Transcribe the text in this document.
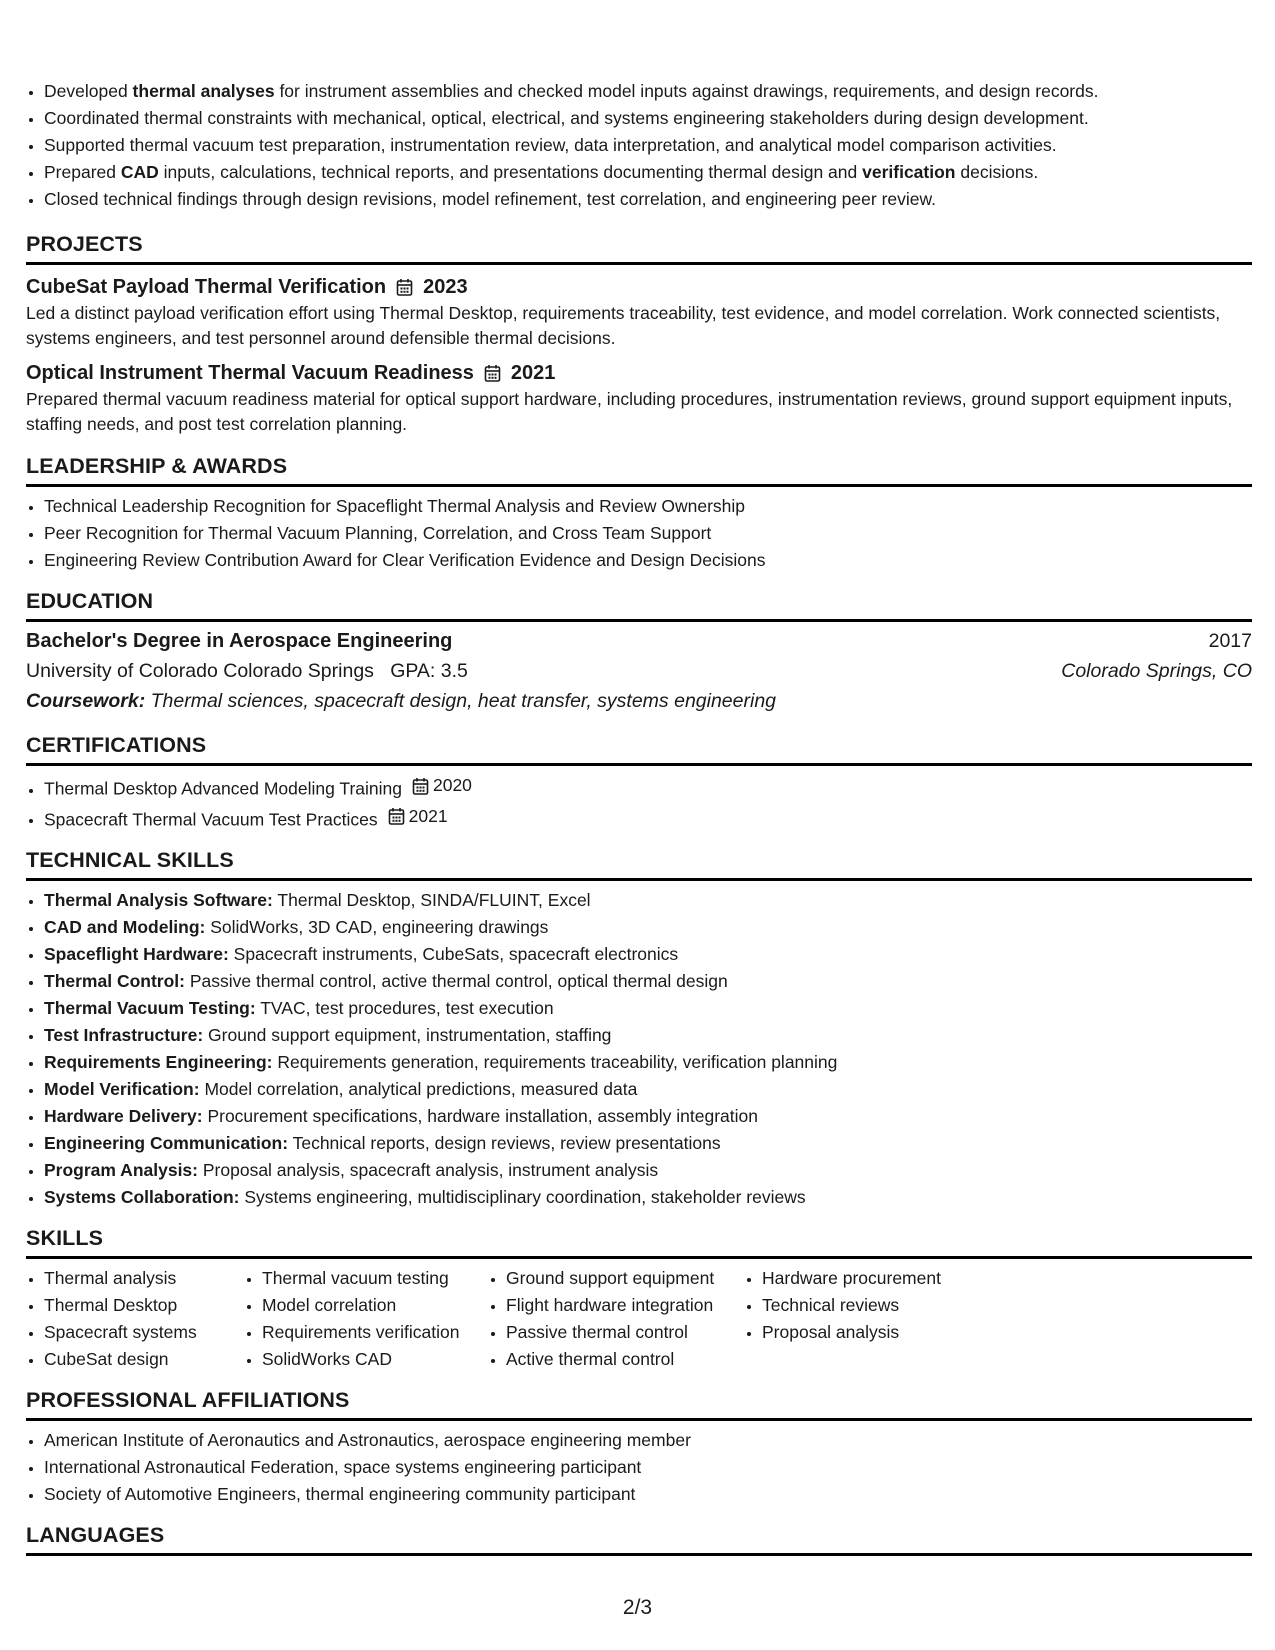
• Developed thermal analyses for instrument assemblies and checked model inputs against drawings, requirements, and design records.
• Coordinated thermal constraints with mechanical, optical, electrical, and systems engineering stakeholders during design development.
• Supported thermal vacuum test preparation, instrumentation review, data interpretation, and analytical model comparison activities.
• Prepared CAD inputs, calculations, technical reports, and presentations documenting thermal design and verification decisions.
• Closed technical findings through design revisions, model refinement, test correlation, and engineering peer review.
PROJECTS
CubeSat Payload Thermal Verification 2023
Led a distinct payload verification effort using Thermal Desktop, requirements traceability, test evidence, and model correlation. Work connected scientists, systems engineers, and test personnel around defensible thermal decisions.
Optical Instrument Thermal Vacuum Readiness 2021
Prepared thermal vacuum readiness material for optical support hardware, including procedures, instrumentation reviews, ground support equipment inputs, staffing needs, and post test correlation planning.
LEADERSHIP & AWARDS
• Technical Leadership Recognition for Spaceflight Thermal Analysis and Review Ownership
• Peer Recognition for Thermal Vacuum Planning, Correlation, and Cross Team Support
• Engineering Review Contribution Award for Clear Verification Evidence and Design Decisions
EDUCATION
Bachelor's Degree in Aerospace Engineering	2017
University of Colorado Colorado Springs GPA: 3.5	Colorado Springs, CO
Coursework: Thermal sciences, spacecraft design, heat transfer, systems engineering
CERTIFICATIONS
• Thermal Desktop Advanced Modeling Training 2020
• Spacecraft Thermal Vacuum Test Practices 2021
TECHNICAL SKILLS
• Thermal Analysis Software: Thermal Desktop, SINDA/FLUINT, Excel
• CAD and Modeling: SolidWorks, 3D CAD, engineering drawings
• Spaceflight Hardware: Spacecraft instruments, CubeSats, spacecraft electronics
• Thermal Control: Passive thermal control, active thermal control, optical thermal design
• Thermal Vacuum Testing: TVAC, test procedures, test execution
• Test Infrastructure: Ground support equipment, instrumentation, staffing
• Requirements Engineering: Requirements generation, requirements traceability, verification planning
• Model Verification: Model correlation, analytical predictions, measured data
• Hardware Delivery: Procurement specifications, hardware installation, assembly integration
• Engineering Communication: Technical reports, design reviews, review presentations
• Program Analysis: Proposal analysis, spacecraft analysis, instrument analysis
• Systems Collaboration: Systems engineering, multidisciplinary coordination, stakeholder reviews
SKILLS
• Thermal analysis
• Thermal Desktop
• Spacecraft systems
• CubeSat design
• Thermal vacuum testing
• Model correlation
• Requirements verification
• SolidWorks CAD
• Ground support equipment
• Flight hardware integration
• Passive thermal control
• Active thermal control
• Hardware procurement
• Technical reviews
• Proposal analysis
PROFESSIONAL AFFILIATIONS
• American Institute of Aeronautics and Astronautics, aerospace engineering member
• International Astronautical Federation, space systems engineering participant
• Society of Automotive Engineers, thermal engineering community participant
LANGUAGES
2/3
